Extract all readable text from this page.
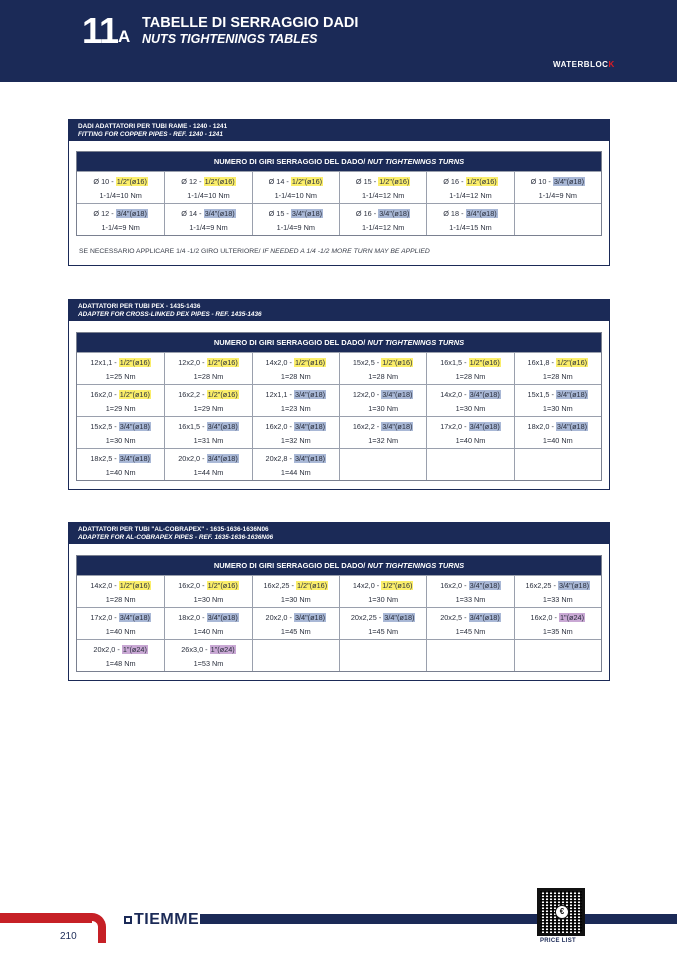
11 A
TABELLE DI SERRAGGIO DADI
NUTS TIGHTENINGS TABLES
WATERBLOCK
DADI ADATTATORI PER TUBI RAME - 1240 - 1241
FITTING FOR COPPER PIPES - REF. 1240 - 1241
NUMERO DI GIRI SERRAGGIO DEL DADO/ NUT TIGHTENINGS TURNS
Ø 10 - 1/2"(ø16)
1-1/4=10 Nm
Ø 12 - 1/2"(ø16)
1-1/4=10 Nm
Ø 14 - 1/2"(ø16)
1-1/4=10 Nm
Ø 15 - 1/2"(ø16)
1-1/4=12 Nm
Ø 16 - 1/2"(ø16)
1-1/4=12 Nm
Ø 10 - 3/4"(ø18)
1-1/4=9 Nm
Ø 12 - 3/4"(ø18)
1-1/4=9 Nm
Ø 14 - 3/4"(ø18)
1-1/4=9 Nm
Ø 15 - 3/4"(ø18)
1-1/4=9 Nm
Ø 16 - 3/4"(ø18)
1-1/4=12 Nm
Ø 18 - 3/4"(ø18)
1-1/4=15 Nm
SE NECESSARIO APPLICARE 1/4 -1/2 GIRO ULTERIORE/ IF NEEDED A 1/4 -1/2 MORE TURN MAY BE APPLIED
ADATTATORI PER TUBI PEX - 1435-1436
ADAPTER FOR CROSS-LINKED PEX PIPES - REF. 1435-1436
NUMERO DI GIRI SERRAGGIO DEL DADO/ NUT TIGHTENINGS TURNS
12x1,1 - 1/2"(ø16)
1=25 Nm
12x2,0 - 1/2"(ø16)
1=28 Nm
14x2,0 - 1/2"(ø16)
1=28 Nm
15x2,5 - 1/2"(ø16)
1=28 Nm
16x1,5 - 1/2"(ø16)
1=28 Nm
16x1,8 - 1/2"(ø16)
1=28 Nm
16x2,0 - 1/2"(ø16)
1=29 Nm
16x2,2 - 1/2"(ø16)
1=29 Nm
12x1,1 - 3/4"(ø18)
1=23 Nm
12x2,0 - 3/4"(ø18)
1=30 Nm
14x2,0 - 3/4"(ø18)
1=30 Nm
15x1,5 - 3/4"(ø18)
1=30 Nm
15x2,5 - 3/4"(ø18)
1=30 Nm
16x1,5 - 3/4"(ø18)
1=31 Nm
16x2,0 - 3/4"(ø18)
1=32 Nm
16x2,2 - 3/4"(ø18)
1=32 Nm
17x2,0 - 3/4"(ø18)
1=40 Nm
18x2,0 - 3/4"(ø18)
1=40 Nm
18x2,5 - 3/4"(ø18)
1=40 Nm
20x2,0 - 3/4"(ø18)
1=44 Nm
20x2,8 - 3/4"(ø18)
1=44 Nm
ADATTATORI PER TUBI "AL-COBRAPEX" - 1635-1636-1636N06
ADAPTER FOR AL-COBRAPEX PIPES - REF. 1635-1636-1636N06
NUMERO DI GIRI SERRAGGIO DEL DADO/ NUT TIGHTENINGS TURNS
14x2,0 - 1/2"(ø16)
1=28 Nm
16x2,0 - 1/2"(ø16)
1=30 Nm
16x2,25 - 1/2"(ø16)
1=30 Nm
14x2,0 - 1/2"(ø16)
1=30 Nm
16x2,0 - 3/4"(ø18)
1=33 Nm
16x2,25 - 3/4"(ø18)
1=33 Nm
17x2,0 - 3/4"(ø18)
1=40 Nm
18x2,0 - 3/4"(ø18)
1=40 Nm
20x2,0 - 3/4"(ø18)
1=45 Nm
20x2,25 - 3/4"(ø18)
1=45 Nm
20x2,5 - 3/4"(ø18)
1=45 Nm
16x2,0 - 1"(ø24)
1=35 Nm
20x2,0 - 1"(ø24)
1=48 Nm
26x3,0 - 1"(ø24)
1=53 Nm
TIEMME
210
€
PRICE LIST
